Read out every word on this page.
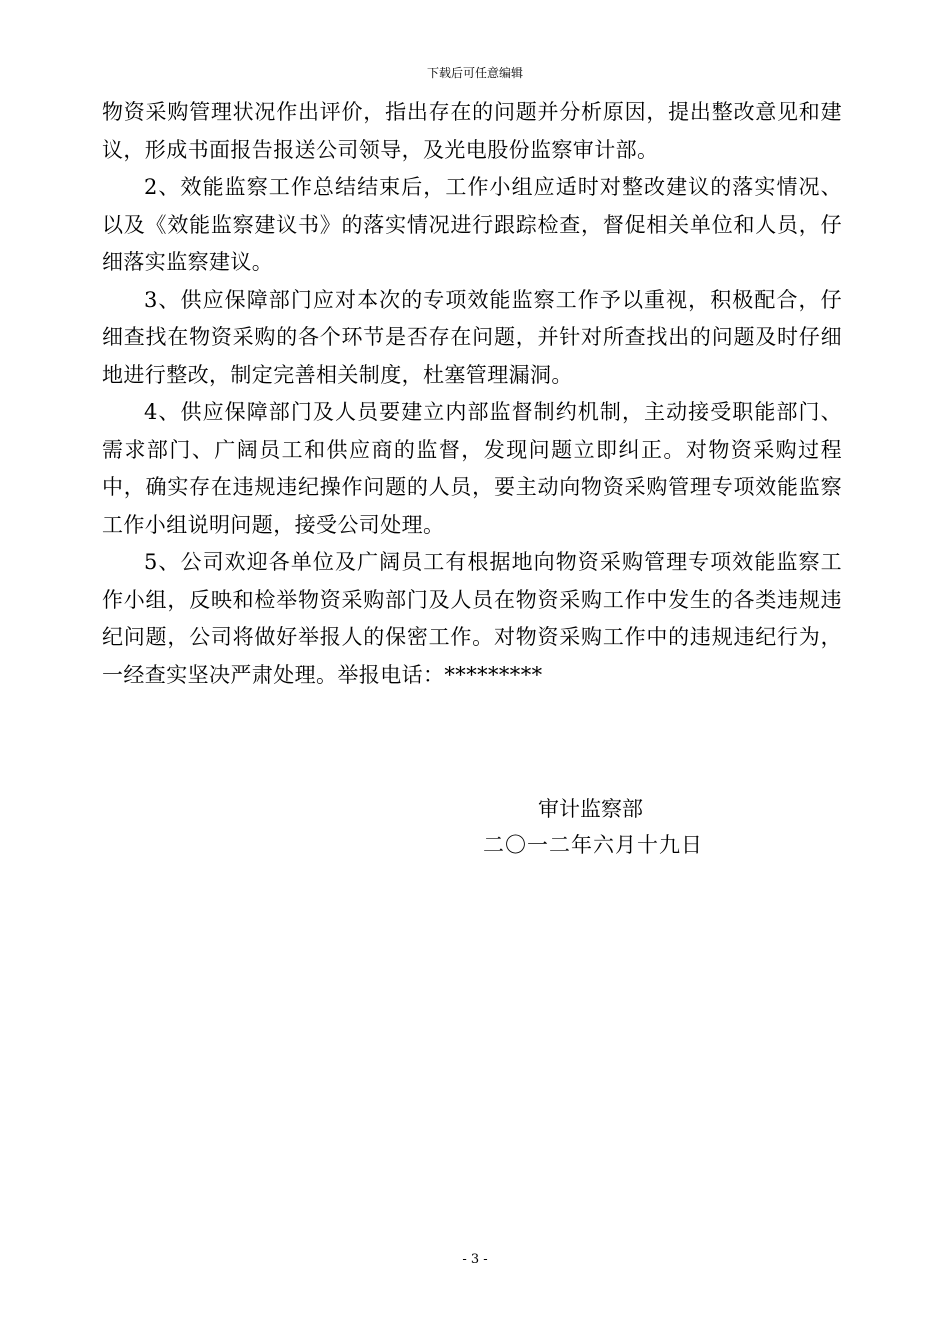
下载后可任意编辑

物资采购管理状况作出评价，指出存在的问题并分析原因，提出整改意见和建议，形成书面报告报送公司领导，及光电股份监察审计部。

2、效能监察工作总结结束后，工作小组应适时对整改建议的落实情况、以及《效能监察建议书》的落实情况进行跟踪检查，督促相关单位和人员，仔细落实监察建议。

3、供应保障部门应对本次的专项效能监察工作予以重视，积极配合，仔细查找在物资采购的各个环节是否存在问题，并针对所查找出的问题及时仔细地进行整改，制定完善相关制度，杜塞管理漏洞。

4、供应保障部门及人员要建立内部监督制约机制，主动接受职能部门、需求部门、广阔员工和供应商的监督，发现问题立即纠正。对物资采购过程中，确实存在违规违纪操作问题的人员，要主动向物资采购管理专项效能监察工作小组说明问题，接受公司处理。

5、公司欢迎各单位及广阔员工有根据地向物资采购管理专项效能监察工作小组，反映和检举物资采购部门及人员在物资采购工作中发生的各类违规违纪问题，公司将做好举报人的保密工作。对物资采购工作中的违规违纪行为，一经查实坚决严肃处理。举报电话：*********

审计监察部
二〇一二年六月十九日
- 3 -
